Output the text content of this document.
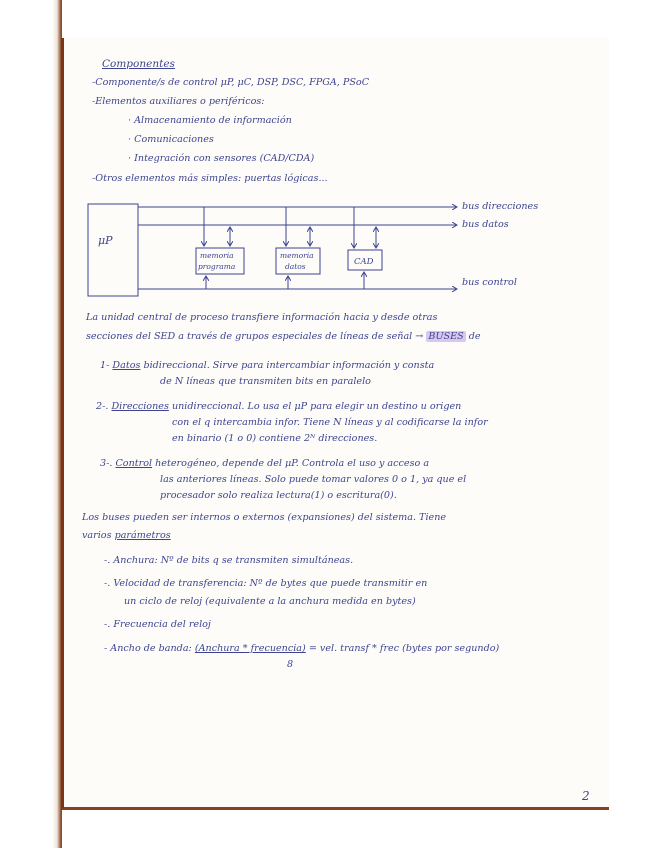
Componentes
-Componente/s de control μP, μC, DSP, DSC, FPGA, PSoC
-Elementos auxiliares o periféricos:
· Almacenamiento de información
· Comunicaciones
· Integración con sensores (CAD/CDA)
-Otros elementos más simples: puertas lógicas...
μP
bus direcciones
bus datos
bus control
memoria
programa
memoria
datos	CAD
La unidad central de proceso transfiere información hacia y desde otras
secciones del SED a través de grupos especiales de líneas de señal → BUSES de
1- Datos bidireccional. Sirve para intercambiar información y consta
de N líneas que transmiten bits en paralelo
2-. Direcciones unidireccional. Lo usa el μP para elegir un destino u origen
con el q intercambia infor. Tiene N líneas y al codificarse la infor
en binario (1 o 0) contiene 2ᴺ direcciones.
3-. Control heterogéneo, depende del μP. Controla el uso y acceso a
las anteriores líneas. Solo puede tomar valores 0 o 1, ya que el
procesador solo realiza lectura(1) o escritura(0).
Los buses pueden ser internos o externos (expansiones) del sistema. Tiene
varios parámetros
-. Anchura: Nº de bits q se transmiten simultáneas.
-. Velocidad de transferencia: Nº de bytes que puede transmitir en
un ciclo de reloj (equivalente a la anchura medida en bytes)
-. Frecuencia del reloj
- Ancho de banda: (Anchura * frecuencia) = vel. transf * frec (bytes por segundo)
8
2
